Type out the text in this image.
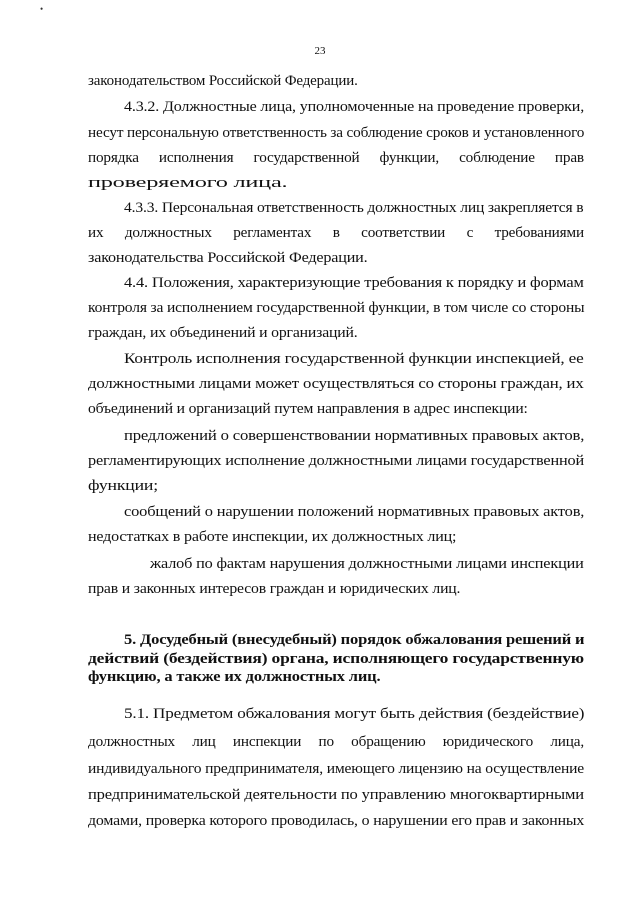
•
23
законодательством Российской Федерации.
4.3.2. Должностные лица, уполномоченные на проведение проверки,
несут персональную ответственность за соблюдение сроков и установленного
порядка исполнения государственной функции, соблюдение прав
проверяемого лица.
4.3.3. Персональная ответственность должностных лиц закрепляется в
их должностных регламентах в соответствии с требованиями
законодательства Российской Федерации.
4.4. Положения, характеризующие требования к порядку и формам
контроля за исполнением государственной функции, в том числе со стороны
граждан, их объединений и организаций.
Контроль исполнения государственной функции инспекцией, ее
должностными лицами может осуществляться со стороны граждан, их
объединений и организаций путем направления в адрес инспекции:
предложений о совершенствовании нормативных правовых актов,
регламентирующих исполнение должностными лицами государственной
функции;
сообщений о нарушении положений нормативных правовых актов,
недостатках в работе инспекции, их должностных лиц;
жалоб по фактам нарушения должностными лицами инспекции
прав и законных интересов граждан и юридических лиц.
5. Досудебный (внесудебный) порядок обжалования решений и
действий (бездействия) органа, исполняющего государственную
функцию, а также их должностных лиц.
5.1. Предметом обжалования могут быть действия (бездействие)
должностных лиц инспекции по обращению юридического лица,
индивидуального предпринимателя, имеющего лицензию на осуществление
предпринимательской деятельности по управлению многоквартирными
домами, проверка которого проводилась, о нарушении его прав и законных
